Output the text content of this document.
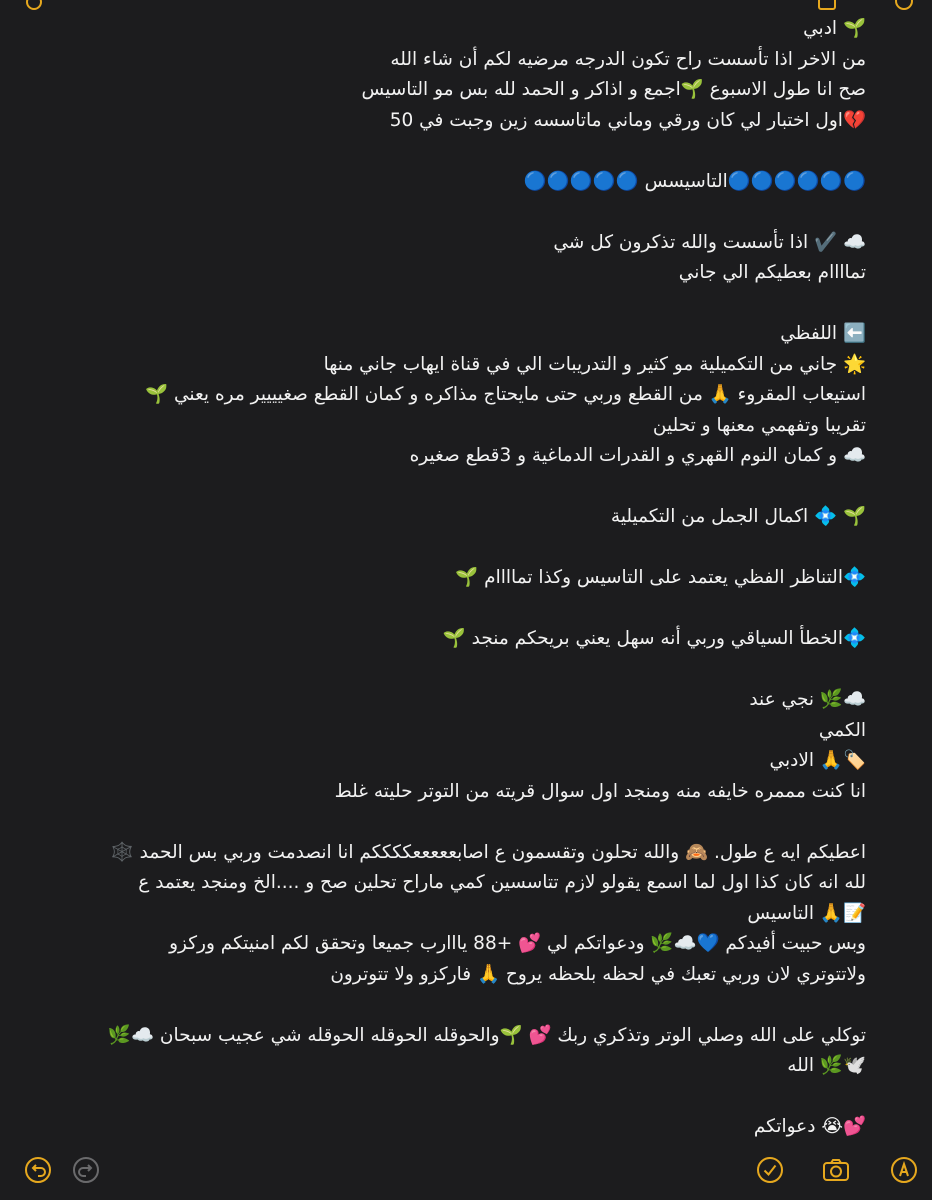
🌱 ادبي
من الاخر اذا تأسست راح تكون الدرجه مرضيه لكم أن شاء الله
صح انا طول الاسبوع 🌱اجمع و اذاكر و الحمد لله بس مو التاسيس
💔اول اختبار لي كان ورقي وماني ماتاسسه زين وجبت في 50
🔵🔵🔵🔵🔵🔵التاسيسس 🔵🔵🔵🔵🔵
☁️ ✔️ اذا تأسست والله تذكرون كل شي
تماااام بعطيكم الي جاني
⬅️ اللفظي
🌟 جاني من التكميلية مو كثير و التدريبات الي في قناة ايهاب جاني منها
استيعاب المقروء 🙏 من القطع وربي حتى مايحتاج مذاكره و كمان القطع صغيييير مره يعني 🌱
تقريبا وتفهمي معنها و تحلين
☁️ و كمان النوم القهري و القدرات الدماغية و 3قطع صغيره
🌱 💠 اكمال الجمل من التكميلية
💠التناظر الفظي يعتمد على التاسيس وكذا تماااام 🌱
💠الخطأ السياقي وربي أنه سهل يعني بريحكم منجد 🌱
☁️🌿 نجي عند
الكمي
🏷️🙏 الادبي
انا كنت مممره خايفه منه ومنجد اول سوال قريته من التوتر حليته غلط
اعطيكم ايه ع طول. 🙈 والله تحلون وتقسمون ع اصابعععععككككم انا انصدمت وربي بس الحمد 🕸️
لله انه كان كذا اول لما اسمع يقولو لازم تتاسسين كمي ماراح تحلين صح و ....الخ ومنجد يعتمد ع
📝🙏 التاسيس
وبس حبيت أفيدكم 💙☁️🌿 ودعواتكم لي 💕 +88 يااارب جميعا وتحقق لكم امنيتكم وركزو
ولاتتوتري لان وربي تعبك في لحظه بلحظه يروح 🙏 فاركزو ولا تتوترون
توكلي على الله وصلي الوتر وتذكري ربك 💕 🌱والحوقله الحوقله الحوقله شي عجيب سبحان ☁️🌿
🕊️🌿 الله
💕😭 دعواتكم
